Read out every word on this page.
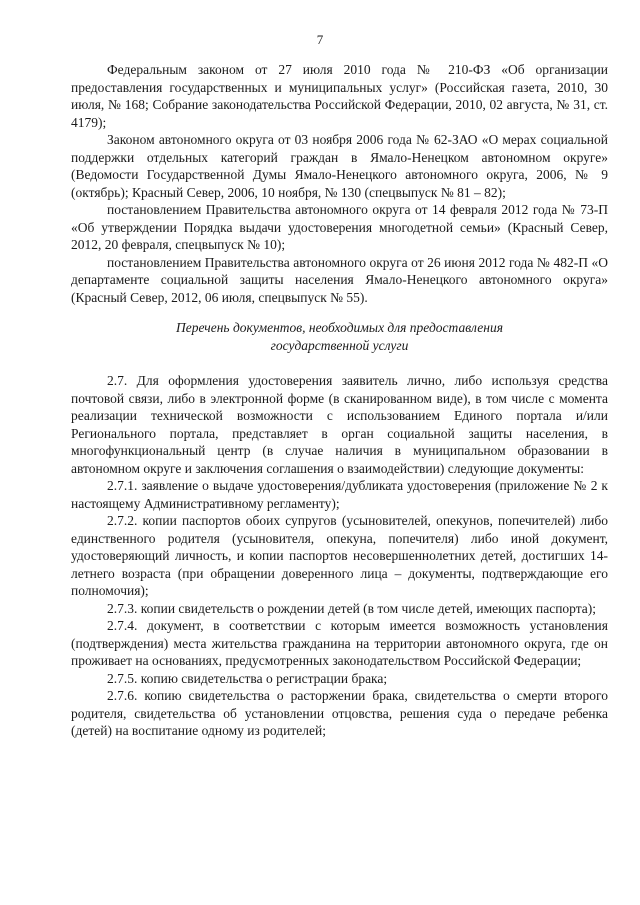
7

Федеральным законом от 27 июля 2010 года № 210-ФЗ «Об организации предоставления государственных и муниципальных услуг» (Российская газета, 2010, 30 июля, № 168; Собрание законодательства Российской Федерации, 2010, 02 августа, № 31, ст. 4179);

Законом автономного округа от 03 ноября 2006 года № 62-ЗАО «О мерах социальной поддержки отдельных категорий граждан в Ямало-Ненецком автономном округе» (Ведомости Государственной Думы Ямало-Ненецкого автономного округа, 2006, № 9 (октябрь); Красный Север, 2006, 10 ноября, № 130 (спецвыпуск № 81 – 82);

постановлением Правительства автономного округа от 14 февраля 2012 года № 73-П «Об утверждении Порядка выдачи удостоверения многодетной семьи» (Красный Север, 2012, 20 февраля, спецвыпуск № 10);

постановлением Правительства автономного округа от 26 июня 2012 года № 482-П «О департаменте социальной защиты населения Ямало-Ненецкого автономного округа» (Красный Север, 2012, 06 июля, спецвыпуск № 55).

Перечень документов, необходимых для предоставления
государственной услуги

2.7. Для оформления удостоверения заявитель лично, либо используя средства почтовой связи, либо в электронной форме (в сканированном виде), в том числе с момента реализации технической возможности с использованием Единого портала и/или Регионального портала, представляет в орган социальной защиты населения, в многофункциональный центр (в случае наличия в муниципальном образовании в автономном округе и заключения соглашения о взаимодействии) следующие документы:

2.7.1. заявление о выдаче удостоверения/дубликата удостоверения (приложение № 2 к настоящему Административному регламенту);

2.7.2. копии паспортов обоих супругов (усыновителей, опекунов, попечителей) либо единственного родителя (усыновителя, опекуна, попечителя) либо иной документ, удостоверяющий личность, и копии паспортов несовершеннолетних детей, достигших 14-летнего возраста (при обращении доверенного лица – документы, подтверждающие его полномочия);

2.7.3. копии свидетельств о рождении детей (в том числе детей, имеющих паспорта);

2.7.4. документ, в соответствии с которым имеется возможность установления (подтверждения) места жительства гражданина на территории автономного округа, где он проживает на основаниях, предусмотренных законодательством Российской Федерации;

2.7.5. копию свидетельства о регистрации брака;

2.7.6. копию свидетельства о расторжении брака, свидетельства о смерти второго родителя, свидетельства об установлении отцовства, решения суда о передаче ребенка (детей) на воспитание одному из родителей;
